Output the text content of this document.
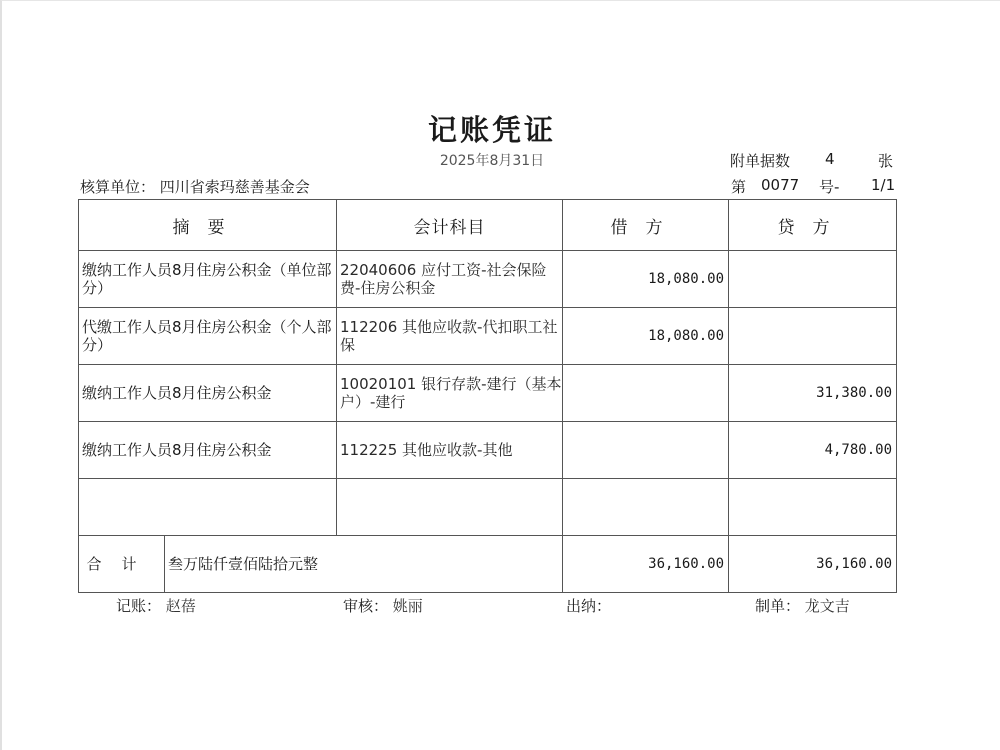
记账凭证
2025年8月31日	附单据数 4	张
核算单位： 四川省索玛慈善基金会	第 0077 号- 1/1
摘要		会计科目	借方	贷方
缴纳工作人员8月住房公积金（单位部分）		22040606 应付工资-社会保险费-住房公积金	18,080.00	
代缴工作人员8月住房公积金（个人部分）		112206 其他应收款-代扣职工社保	18,080.00	
缴纳工作人员8月住房公积金		10020101 银行存款-建行（基本户）-建行		31,380.00
缴纳工作人员8月住房公积金		112225 其他应收款-其他		4,780.00

合计	叁万陆仟壹佰陆拾元整		36,160.00	36,160.00
记账： 赵蓓	审核： 姚丽	出纳：	制单： 龙文吉
